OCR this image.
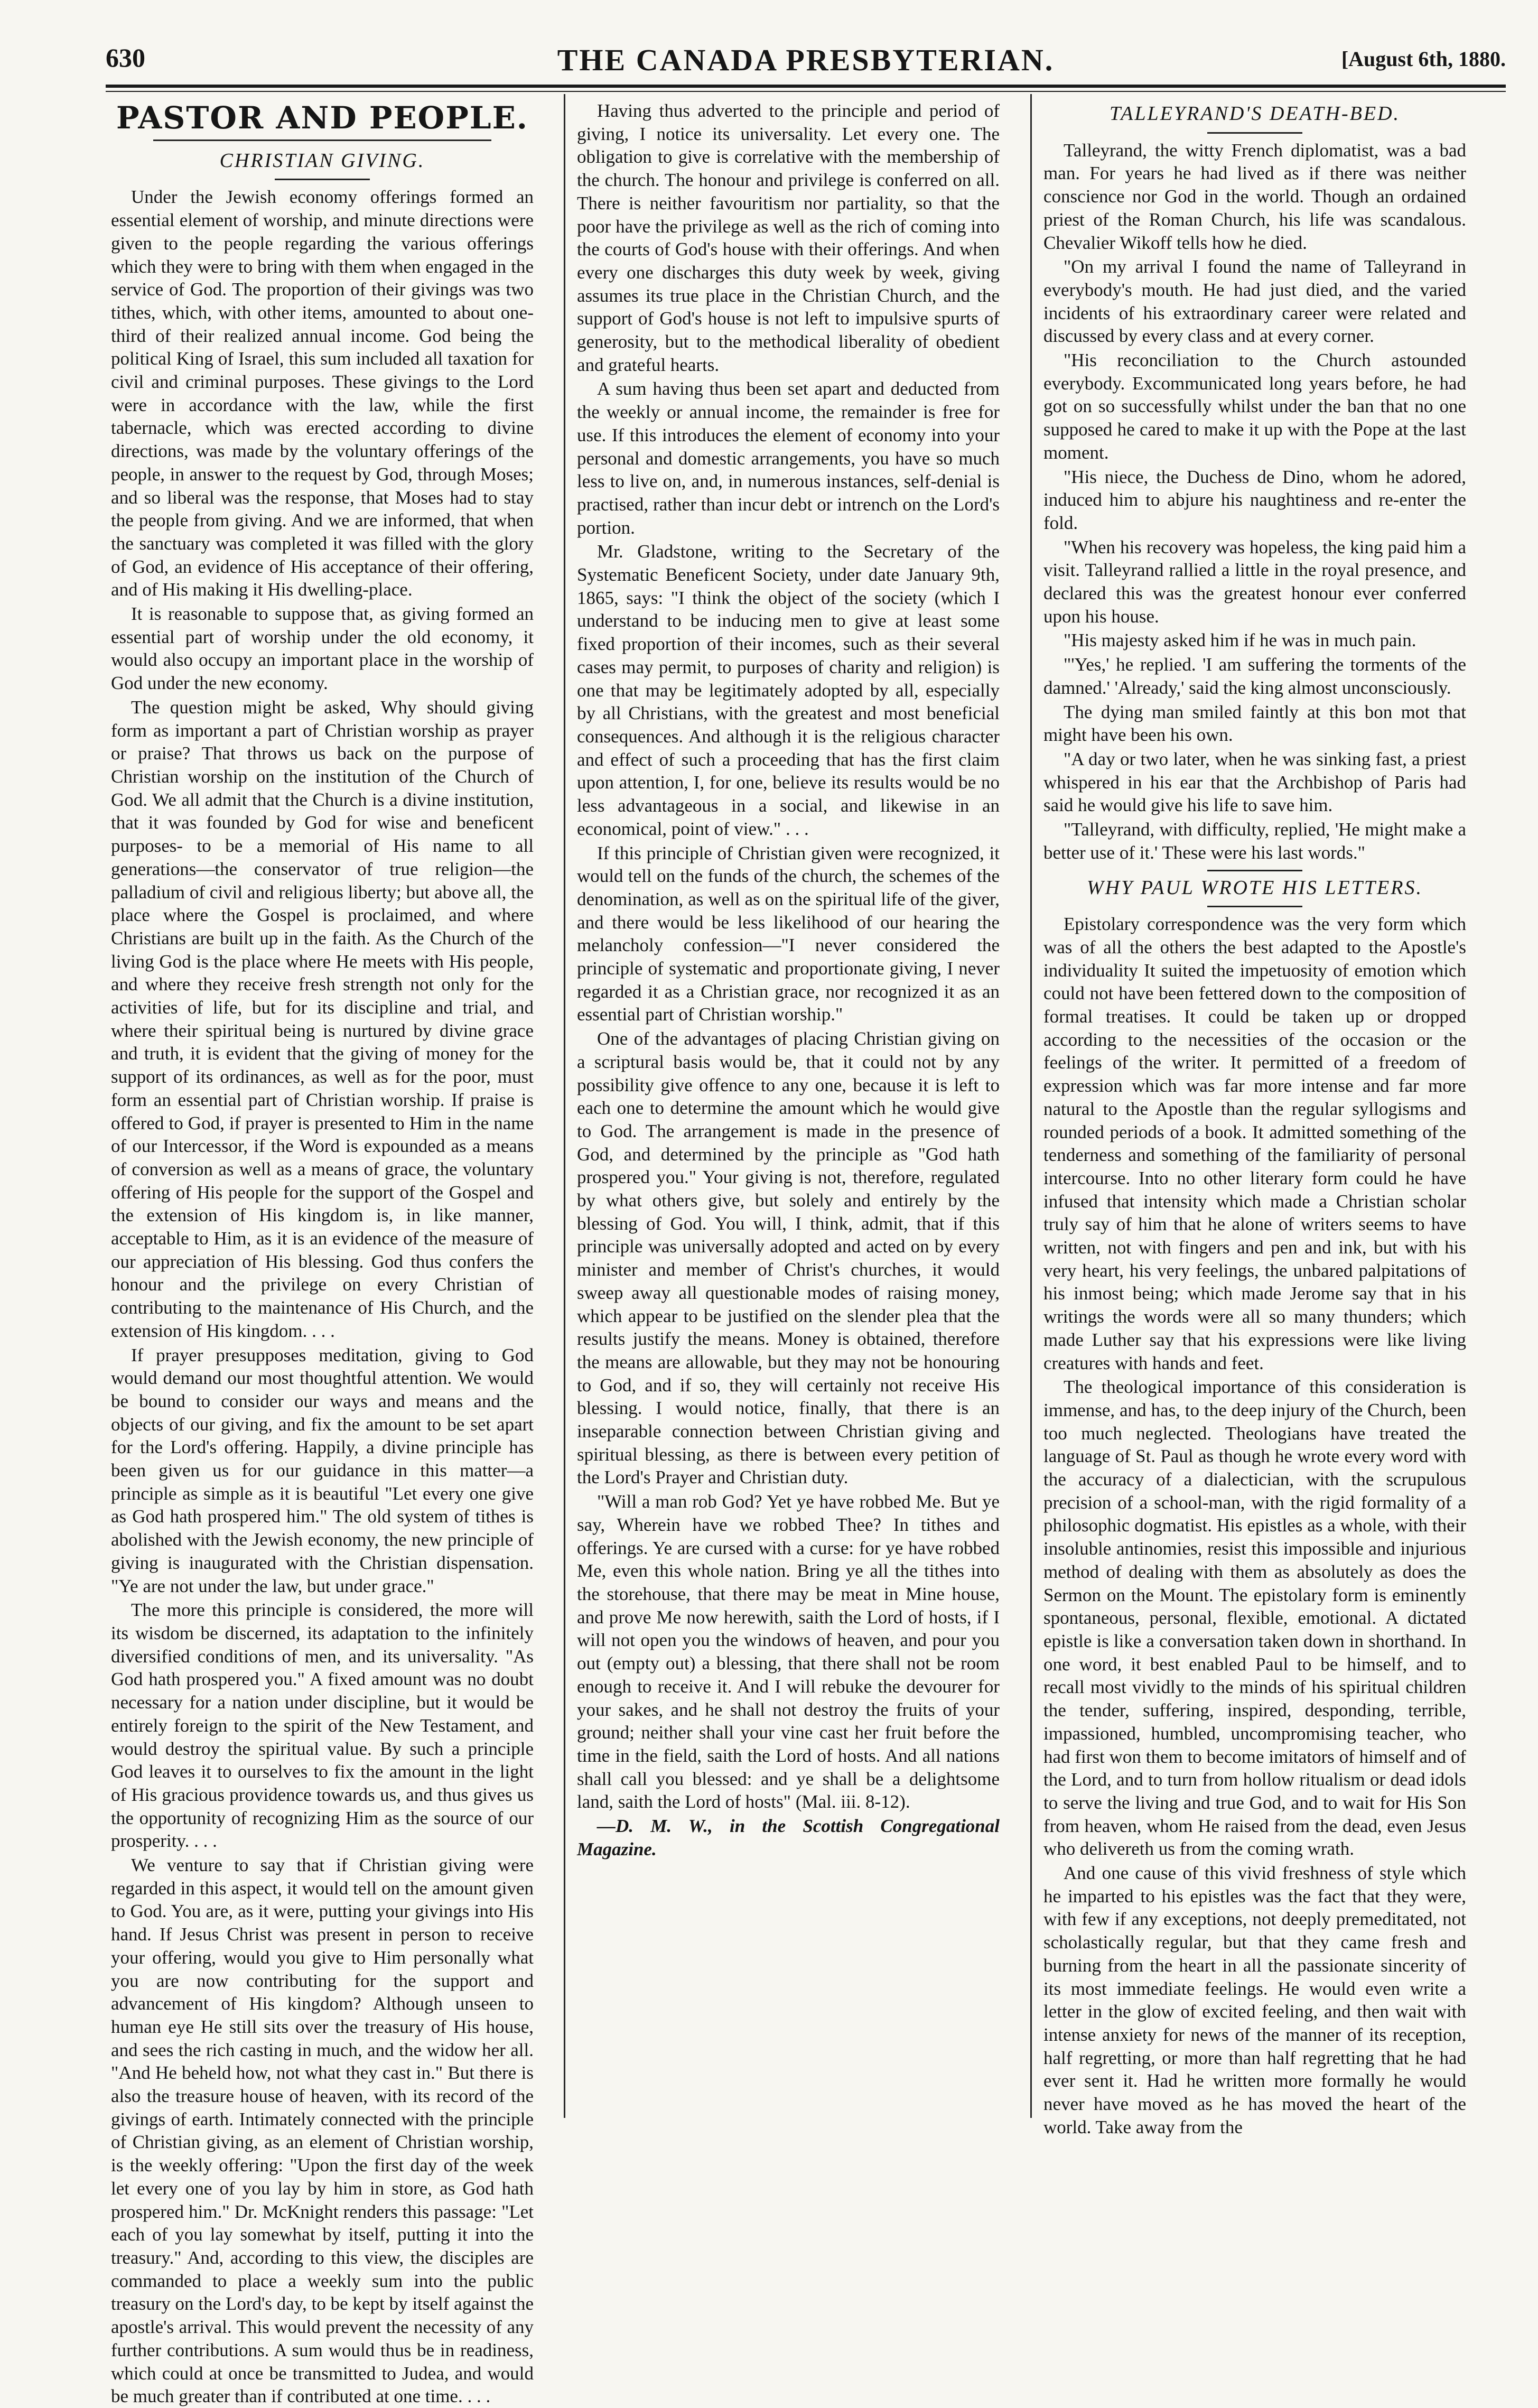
THE CANADA PRESBYTERIAN.
630	[August 6th, 1880.
PASTOR AND PEOPLE.
CHRISTIAN GIVING.

Under the Jewish economy offerings formed an essential element of worship, and minute directions were given to the people regarding the various offerings which they were to bring with them when engaged in the service of God. The proportion of their givings was two tithes, which, with other items, amounted to about one-third of their realized annual income. God being the political King of Israel, this sum included all taxation for civil and criminal purposes. These givings to the Lord were in accordance with the law, while the first tabernacle, which was erected according to divine directions, was made by the voluntary offerings of the people, in answer to the request by God, through Moses; and so liberal was the response, that Moses had to stay the people from giving. And we are informed, that when the sanctuary was completed it was filled with the glory of God, an evidence of His acceptance of their offering, and of His making it His dwelling-place.

It is reasonable to suppose that, as giving formed an essential part of worship under the old economy, it would also occupy an important place in the worship of God under the new economy.

The question might be asked, Why should giving form as important a part of Christian worship as prayer or praise? That throws us back on the purpose of Christian worship on the institution of the Church of God. We all admit that the Church is a divine institution, that it was founded by God for wise and beneficent purposes- to be a memorial of His name to all generations—the conservator of true religion—the palladium of civil and religious liberty; but above all, the place where the Gospel is proclaimed, and where Christians are built up in the faith. As the Church of the living God is the place where He meets with His people, and where they receive fresh strength not only for the activities of life, but for its discipline and trial, and where their spiritual being is nurtured by divine grace and truth, it is evident that the giving of money for the support of its ordinances, as well as for the poor, must form an essential part of Christian worship. If praise is offered to God, if prayer is presented to Him in the name of our Intercessor, if the Word is expounded as a means of conversion as well as a means of grace, the voluntary offering of His people for the support of the Gospel and the extension of His kingdom is, in like manner, acceptable to Him, as it is an evidence of the measure of our appreciation of His blessing. God thus confers the honour and the privilege on every Christian of contributing to the maintenance of His Church, and the extension of His kingdom. . . .

If prayer presupposes meditation, giving to God would demand our most thoughtful attention. We would be bound to consider our ways and means and the objects of our giving, and fix the amount to be set apart for the Lord's offering. Happily, a divine principle has been given us for our guidance in this matter—a principle as simple as it is beautiful "Let every one give as God hath prospered him." The old system of tithes is abolished with the Jewish economy, the new principle of giving is inaugurated with the Christian dispensation. "Ye are not under the law, but under grace."

The more this principle is considered, the more will its wisdom be discerned, its adaptation to the infinitely diversified conditions of men, and its universality. "As God hath prospered you." A fixed amount was no doubt necessary for a nation under discipline, but it would be entirely foreign to the spirit of the New Testament, and would destroy the spiritual value. By such a principle God leaves it to ourselves to fix the amount in the light of His gracious providence towards us, and thus gives us the opportunity of recognizing Him as the source of our prosperity. . . .

We venture to say that if Christian giving were regarded in this aspect, it would tell on the amount given to God. You are, as it were, putting your givings into His hand. If Jesus Christ was present in person to receive your offering, would you give to Him personally what you are now contributing for the support and advancement of His kingdom? Although unseen to human eye He still sits over the treasury of His house, and sees the rich casting in much, and the widow her all. "And He beheld how, not what they cast in." But there is also the treasure house of heaven, with its record of the givings of earth. Intimately connected with the principle of Christian giving, as an element of Christian worship, is the weekly offering: "Upon the first day of the week let every one of you lay by him in store, as God hath prospered him." Dr. McKnight renders this passage: "Let each of you lay somewhat by itself, putting it into the treasury." And, according to this view, the disciples are commanded to place a weekly sum into the public treasury on the Lord's day, to be kept by itself against the apostle's arrival. This would prevent the necessity of any further contributions. A sum would thus be in readiness, which could at once be transmitted to Judea, and would be much greater than if contributed at one time. . . .

Having thus adverted to the principle and period of giving, I notice its universality. Let every one. The obligation to give is correlative with the membership of the church. The honour and privilege is conferred on all. There is neither favouritism nor partiality, so that the poor have the privilege as well as the rich of coming into the courts of God's house with their offerings. And when every one discharges this duty week by week, giving assumes its true place in the Christian Church, and the support of God's house is not left to impulsive spurts of generosity, but to the methodical liberality of obedient and grateful hearts.

A sum having thus been set apart and deducted from the weekly or annual income, the remainder is free for use. If this introduces the element of economy into your personal and domestic arrangements, you have so much less to live on, and, in numerous instances, self-denial is practised, rather than incur debt or intrench on the Lord's portion.

Mr. Gladstone, writing to the Secretary of the Systematic Beneficent Society, under date January 9th, 1865, says: "I think the object of the society (which I understand to be inducing men to give at least some fixed proportion of their incomes, such as their several cases may permit, to purposes of charity and religion) is one that may be legitimately adopted by all, especially by all Christians, with the greatest and most beneficial consequences. And although it is the religious character and effect of such a proceeding that has the first claim upon attention, I, for one, believe its results would be no less advantageous in a social, and likewise in an economical, point of view." . . .

If this principle of Christian given were recognized, it would tell on the funds of the church, the schemes of the denomination, as well as on the spiritual life of the giver, and there would be less likelihood of our hearing the melancholy confession—"I never considered the principle of systematic and proportionate giving, I never regarded it as a Christian grace, nor recognized it as an essential part of Christian worship."

One of the advantages of placing Christian giving on a scriptural basis would be, that it could not by any possibility give offence to any one, because it is left to each one to determine the amount which he would give to God. The arrangement is made in the presence of God, and determined by the principle as "God hath prospered you." Your giving is not, therefore, regulated by what others give, but solely and entirely by the blessing of God. You will, I think, admit, that if this principle was universally adopted and acted on by every minister and member of Christ's churches, it would sweep away all questionable modes of raising money, which appear to be justified on the slender plea that the results justify the means. Money is obtained, therefore the means are allowable, but they may not be honouring to God, and if so, they will certainly not receive His blessing. I would notice, finally, that there is an inseparable connection between Christian giving and spiritual blessing, as there is between every petition of the Lord's Prayer and Christian duty.

"Will a man rob God? Yet ye have robbed Me. But ye say, Wherein have we robbed Thee? In tithes and offerings. Ye are cursed with a curse: for ye have robbed Me, even this whole nation. Bring ye all the tithes into the storehouse, that there may be meat in Mine house, and prove Me now herewith, saith the Lord of hosts, if I will not open you the windows of heaven, and pour you out (empty out) a blessing, that there shall not be room enough to receive it. And I will rebuke the devourer for your sakes, and he shall not destroy the fruits of your ground; neither shall your vine cast her fruit before the time in the field, saith the Lord of hosts. And all nations shall call you blessed: and ye shall be a delightsome land, saith the Lord of hosts" (Mal. iii. 8-12).

—D. M. W., in the Scottish Congregational Magazine.

TALLEYRAND'S DEATH-BED.

Talleyrand, the witty French diplomatist, was a bad man. For years he had lived as if there was neither conscience nor God in the world. Though an ordained priest of the Roman Church, his life was scandalous. Chevalier Wikoff tells how he died.

"On my arrival I found the name of Talleyrand in everybody's mouth. He had just died, and the varied incidents of his extraordinary career were related and discussed by every class and at every corner.

"His reconciliation to the Church astounded everybody. Excommunicated long years before, he had got on so successfully whilst under the ban that no one supposed he cared to make it up with the Pope at the last moment.

"His niece, the Duchess de Dino, whom he adored, induced him to abjure his naughtiness and re-enter the fold.

"When his recovery was hopeless, the king paid him a visit. Talleyrand rallied a little in the royal presence, and declared this was the greatest honour ever conferred upon his house.

"His majesty asked him if he was in much pain.

"'Yes,' he replied. 'I am suffering the torments of the damned.' 'Already,' said the king almost unconsciously.

The dying man smiled faintly at this bon mot that might have been his own.

"A day or two later, when he was sinking fast, a priest whispered in his ear that the Archbishop of Paris had said he would give his life to save him.

"Talleyrand, with difficulty, replied, 'He might make a better use of it.' These were his last words."

WHY PAUL WROTE HIS LETTERS.

Epistolary correspondence was the very form which was of all the others the best adapted to the Apostle's individuality It suited the impetuosity of emotion which could not have been fettered down to the composition of formal treatises. It could be taken up or dropped according to the necessities of the occasion or the feelings of the writer. It permitted of a freedom of expression which was far more intense and far more natural to the Apostle than the regular syllogisms and rounded periods of a book. It admitted something of the tenderness and something of the familiarity of personal intercourse. Into no other literary form could he have infused that intensity which made a Christian scholar truly say of him that he alone of writers seems to have written, not with fingers and pen and ink, but with his very heart, his very feelings, the unbared palpitations of his inmost being; which made Jerome say that in his writings the words were all so many thunders; which made Luther say that his expressions were like living creatures with hands and feet.

The theological importance of this consideration is immense, and has, to the deep injury of the Church, been too much neglected. Theologians have treated the language of St. Paul as though he wrote every word with the accuracy of a dialectician, with the scrupulous precision of a school-man, with the rigid formality of a philosophic dogmatist. His epistles as a whole, with their insoluble antinomies, resist this impossible and injurious method of dealing with them as absolutely as does the Sermon on the Mount. The epistolary form is eminently spontaneous, personal, flexible, emotional. A dictated epistle is like a conversation taken down in shorthand. In one word, it best enabled Paul to be himself, and to recall most vividly to the minds of his spiritual children the tender, suffering, inspired, desponding, terrible, impassioned, humbled, uncompromising teacher, who had first won them to become imitators of himself and of the Lord, and to turn from hollow ritualism or dead idols to serve the living and true God, and to wait for His Son from heaven, whom He raised from the dead, even Jesus who delivereth us from the coming wrath.

And one cause of this vivid freshness of style which he imparted to his epistles was the fact that they were, with few if any exceptions, not deeply premeditated, not scholastically regular, but that they came fresh and burning from the heart in all the passionate sincerity of its most immediate feelings. He would even write a letter in the glow of excited feeling, and then wait with intense anxiety for news of the manner of its reception, half regretting, or more than half regretting that he had ever sent it. Had he written more formally he would never have moved as he has moved the heart of the world. Take away from the
